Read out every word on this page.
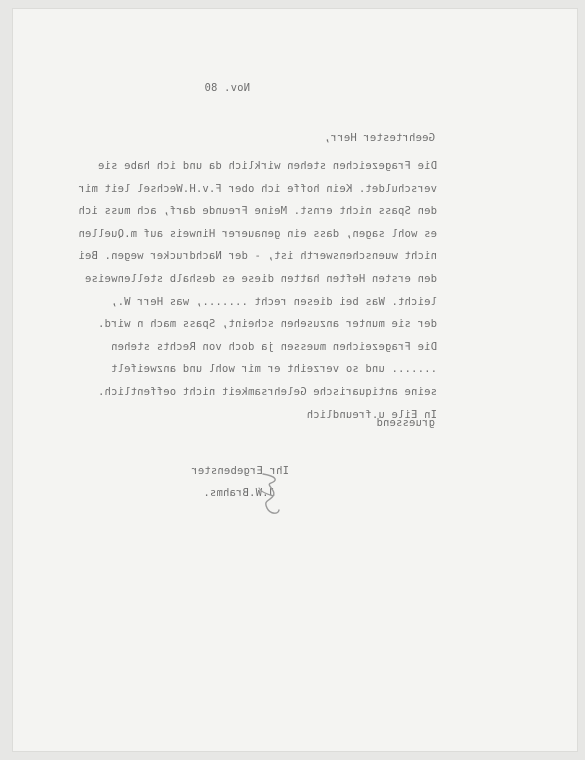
Nov. 80

Geehrtester Herr,

Die Fragezeichen stehen wirklich da und ich habe sie

verschuldet. Kein hoffe ich ober F.v.H.Wechsel leit mir

den Spass nicht ernst. Meine Freunde darf, ach muss ich

es wohl sagen, dass ein genauerer Hinweis auf m.Quellen

nicht wuenschenswerth ist, - der Nachdrucker wegen. Bei

den ersten Heften hatten diese es deshalb stellenweise

leicht. Was bei diesen recht ......., was Herr W.,

der sie munter anzusehen scheint, Spass mach n wird.

Die Fragezeichen muessen ja doch von Rechts stehen

....... und so verzeiht er mir wohl und anzweifelt

seine antiquarische Gelehrsamkeit nicht oeffentlich.

In Eile u.freundlich

gruessend

Ihr Ergebenster

J.W.Brahms.
